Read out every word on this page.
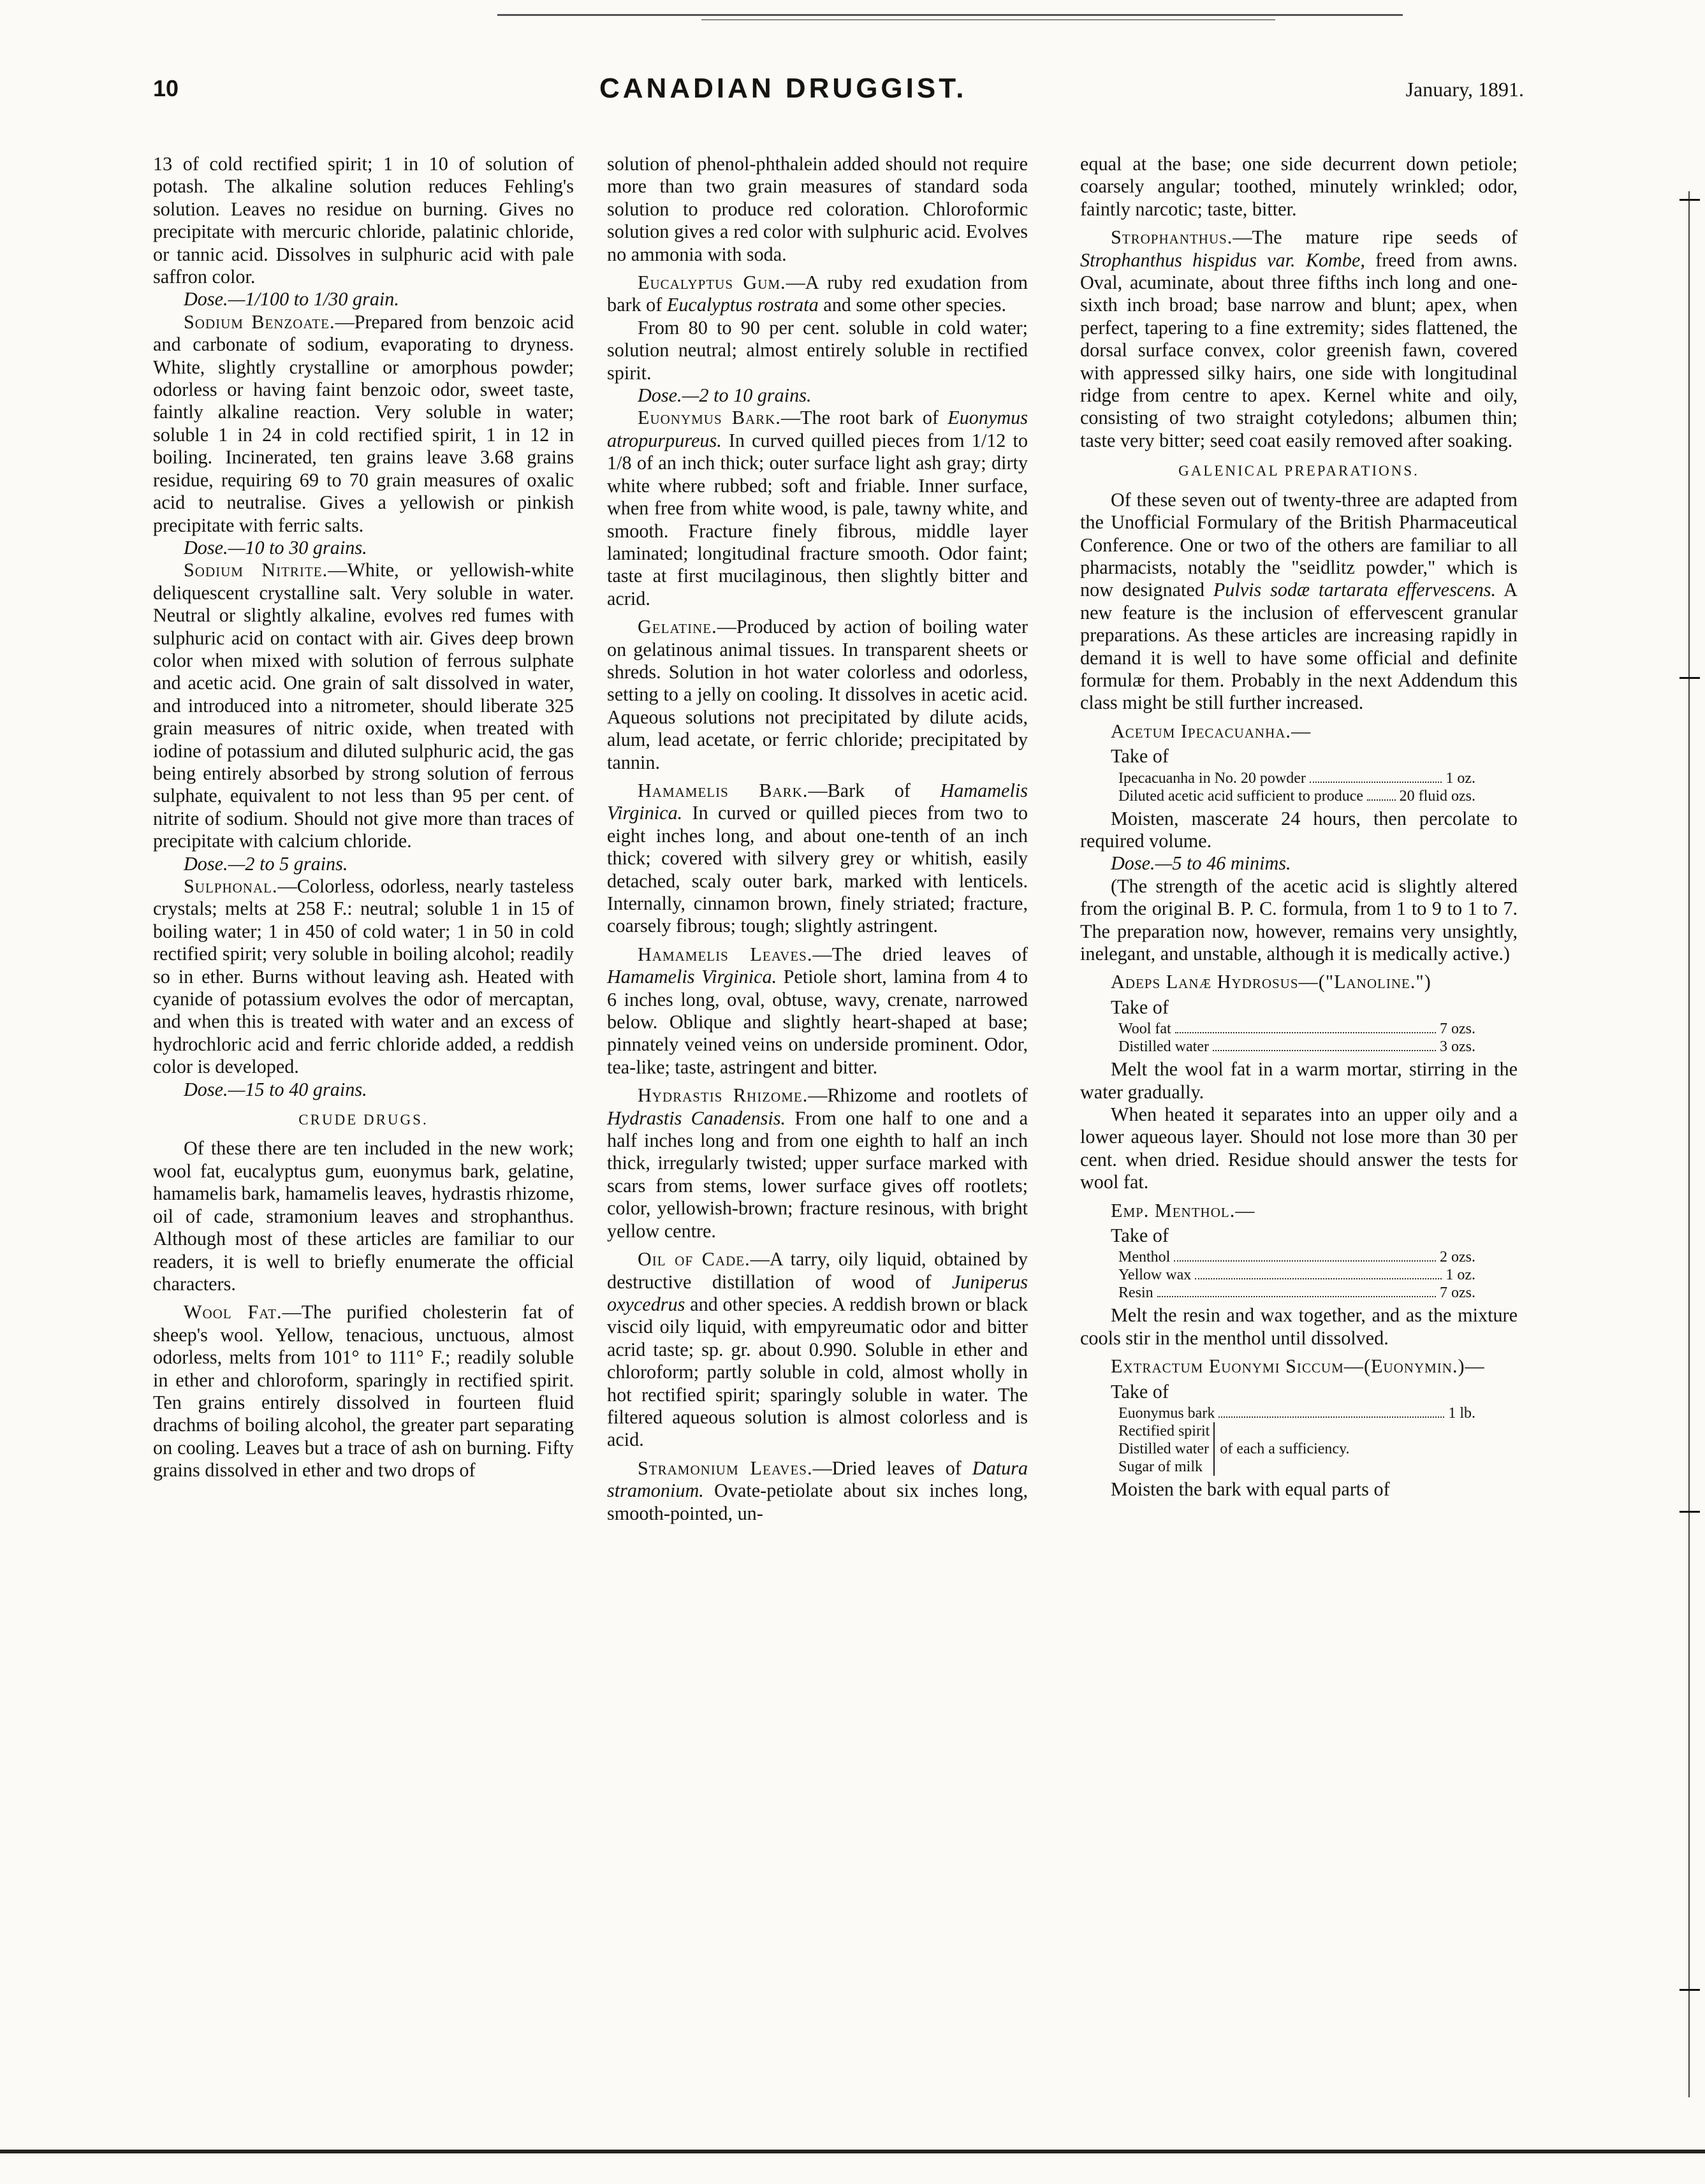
10	CANADIAN DRUGGIST.	January, 1891.

13 of cold rectified spirit; 1 in 10 of solution of potash. The alkaline solution reduces Fehling's solution. Leaves no residue on burning. Gives no precipitate with mercuric chloride, palatinic chloride, or tannic acid. Dissolves in sulphuric acid with pale saffron color.

Dose.—1/100 to 1/30 grain.

Sodium Benzoate.—Prepared from benzoic acid and carbonate of sodium, evaporating to dryness. White, slightly crystalline or amorphous powder; odorless or having faint benzoic odor, sweet taste, faintly alkaline reaction. Very soluble in water; soluble 1 in 24 in cold rectified spirit, 1 in 12 in boiling. Incinerated, ten grains leave 3.68 grains residue, requiring 69 to 70 grain measures of oxalic acid to neutralise. Gives a yellowish or pinkish precipitate with ferric salts.

Dose.—10 to 30 grains.

Sodium Nitrite.—White, or yellowish-white deliquescent crystalline salt. Very soluble in water. Neutral or slightly alkaline, evolves red fumes with sulphuric acid on contact with air. Gives deep brown color when mixed with solution of ferrous sulphate and acetic acid. One grain of salt dissolved in water, and introduced into a nitrometer, should liberate 325 grain measures of nitric oxide, when treated with iodine of potassium and diluted sulphuric acid, the gas being entirely absorbed by strong solution of ferrous sulphate, equivalent to not less than 95 per cent. of nitrite of sodium. Should not give more than traces of precipitate with calcium chloride.

Dose.—2 to 5 grains.

Sulphonal.—Colorless, odorless, nearly tasteless crystals; melts at 258 F.: neutral; soluble 1 in 15 of boiling water; 1 in 450 of cold water; 1 in 50 in cold rectified spirit; very soluble in boiling alcohol; readily so in ether. Burns without leaving ash. Heated with cyanide of potassium evolves the odor of mercaptan, and when this is treated with water and an excess of hydrochloric acid and ferric chloride added, a reddish color is developed.

Dose.—15 to 40 grains.

CRUDE DRUGS.

Of these there are ten included in the new work; wool fat, eucalyptus gum, euonymus bark, gelatine, hamamelis bark, hamamelis leaves, hydrastis rhizome, oil of cade, stramonium leaves and strophanthus. Although most of these articles are familiar to our readers, it is well to briefly enumerate the official characters.

Wool Fat.—The purified cholesterin fat of sheep's wool. Yellow, tenacious, unctuous, almost odorless, melts from 101° to 111° F.; readily soluble in ether and chloroform, sparingly in rectified spirit. Ten grains entirely dissolved in fourteen fluid drachms of boiling alcohol, the greater part separating on cooling. Leaves but a trace of ash on burning. Fifty grains dissolved in ether and two drops of

solution of phenol-phthalein added should not require more than two grain measures of standard soda solution to produce red coloration. Chloroformic solution gives a red color with sulphuric acid. Evolves no ammonia with soda.

Eucalyptus Gum.—A ruby red exudation from bark of Eucalyptus rostrata and some other species.

From 80 to 90 per cent. soluble in cold water; solution neutral; almost entirely soluble in rectified spirit.

Dose.—2 to 10 grains.

Euonymus Bark.—The root bark of Euonymus atropurpureus. In curved quilled pieces from 1/12 to 1/8 of an inch thick; outer surface light ash gray; dirty white where rubbed; soft and friable. Inner surface, when free from white wood, is pale, tawny white, and smooth. Fracture finely fibrous, middle layer laminated; longitudinal fracture smooth. Odor faint; taste at first mucilaginous, then slightly bitter and acrid.

Gelatine.—Produced by action of boiling water on gelatinous animal tissues. In transparent sheets or shreds. Solution in hot water colorless and odorless, setting to a jelly on cooling. It dissolves in acetic acid. Aqueous solutions not precipitated by dilute acids, alum, lead acetate, or ferric chloride; precipitated by tannin.

Hamamelis Bark.—Bark of Hamamelis Virginica. In curved or quilled pieces from two to eight inches long, and about one-tenth of an inch thick; covered with silvery grey or whitish, easily detached, scaly outer bark, marked with lenticels. Internally, cinnamon brown, finely striated; fracture, coarsely fibrous; tough; slightly astringent.

Hamamelis Leaves.—The dried leaves of Hamamelis Virginica. Petiole short, lamina from 4 to 6 inches long, oval, obtuse, wavy, crenate, narrowed below. Oblique and slightly heart-shaped at base; pinnately veined veins on underside prominent. Odor, tea-like; taste, astringent and bitter.

Hydrastis Rhizome.—Rhizome and rootlets of Hydrastis Canadensis. From one half to one and a half inches long and from one eighth to half an inch thick, irregularly twisted; upper surface marked with scars from stems, lower surface gives off rootlets; color, yellowish-brown; fracture resinous, with bright yellow centre.

Oil of Cade.—A tarry, oily liquid, obtained by destructive distillation of wood of Juniperus oxycedrus and other species. A reddish brown or black viscid oily liquid, with empyreumatic odor and bitter acrid taste; sp. gr. about 0.990. Soluble in ether and chloroform; partly soluble in cold, almost wholly in hot rectified spirit; sparingly soluble in water. The filtered aqueous solution is almost colorless and is acid.

Stramonium Leaves.—Dried leaves of Datura stramonium. Ovate-petiolate about six inches long, smooth-pointed, un-

equal at the base; one side decurrent down petiole; coarsely angular; toothed, minutely wrinkled; odor, faintly narcotic; taste, bitter.

Strophanthus.—The mature ripe seeds of Strophanthus hispidus var. Kombe, freed from awns. Oval, acuminate, about three fifths inch long and one-sixth inch broad; base narrow and blunt; apex, when perfect, tapering to a fine extremity; sides flattened, the dorsal surface convex, color greenish fawn, covered with appressed silky hairs, one side with longitudinal ridge from centre to apex. Kernel white and oily, consisting of two straight cotyledons; albumen thin; taste very bitter; seed coat easily removed after soaking.

GALENICAL PREPARATIONS.

Of these seven out of twenty-three are adapted from the Unofficial Formulary of the British Pharmaceutical Conference. One or two of the others are familiar to all pharmacists, notably the "seidlitz powder," which is now designated Pulvis sodæ tartarata effervescens. A new feature is the inclusion of effervescent granular preparations. As these articles are increasing rapidly in demand it is well to have some official and definite formulæ for them. Probably in the next Addendum this class might be still further increased.

Acetum Ipecacuanha.—

Take of
Ipecacuanha in No. 20 powder	1 oz.
Diluted acetic acid sufficient to produce 20 fluid ozs.

Moisten, mascerate 24 hours, then percolate to required volume.

Dose.—5 to 46 minims.

(The strength of the acetic acid is slightly altered from the original B. P. C. formula, from 1 to 9 to 1 to 7. The preparation now, however, remains very unsightly, inelegant, and unstable, although it is medically active.)

Adeps Lanæ Hydrosus—("Lanoline.")

Take of
Wool fat	7 ozs.
Distilled water	3 ozs.

Melt the wool fat in a warm mortar, stirring in the water gradually.

When heated it separates into an upper oily and a lower aqueous layer. Should not lose more than 30 per cent. when dried. Residue should answer the tests for wool fat.

Emp. Menthol.—

Take of
Menthol	2 ozs.
Yellow wax	1 oz.
Resin	7 ozs.

Melt the resin and wax together, and as the mixture cools stir in the menthol until dissolved.

Extractum Euonymi Siccum—(Euonymin.)—

Take of
Euonymus bark	1 lb.
Rectified spirit
Distilled water
Sugar of milk
of each a sufficiency.

Moisten the bark with equal parts of
